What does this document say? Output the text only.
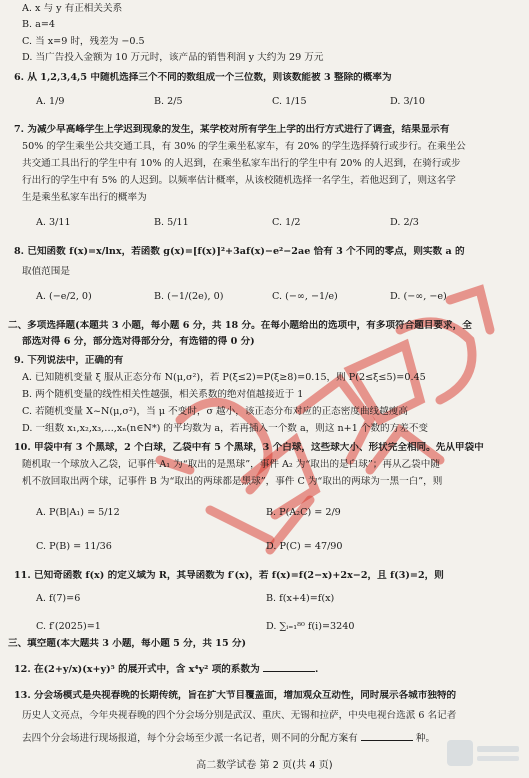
A. x 与 y 有正相关关系
B. a=4
C. 当 x=9 时，残差为 −0.5
D. 当广告投入金额为 10 万元时，该产品的销售利润 y 大约为 29 万元
6. 从 1,2,3,4,5 中随机选择三个不同的数组成一个三位数，则该数能被 3 整除的概率为
A. 1/9	B. 2/5	C. 1/15	D. 3/10
7. 为减少早高峰学生上学迟到现象的发生，某学校对所有学生上学的出行方式进行了调查，结果显示有
50% 的学生乘坐公共交通工具，有 30% 的学生乘坐私家车，有 20% 的学生选择骑行或步行。在乘坐公
共交通工具出行的学生中有 10% 的人迟到，在乘坐私家车出行的学生中有 20% 的人迟到，在骑行或步
行出行的学生中有 5% 的人迟到。以频率估计概率，从该校随机选择一名学生，若他迟到了，则这名学
生是乘坐私家车出行的概率为
A. 3/11	B. 5/11	C. 1/2	D. 2/3
8. 已知函数 f(x)=x/lnx，若函数 g(x)=[f(x)]²+3af(x)−e²−2ae 恰有 3 个不同的零点，则实数 a 的
取值范围是
A. (−e/2, 0)	B. (−1/(2e), 0)	C. (−∞, −1/e)	D. (−∞, −e)
二、多项选择题(本题共 3 小题，每小题 6 分，共 18 分。在每小题给出的选项中，有多项符合题目要求，全
部选对得 6 分，部分选对得部分分，有选错的得 0 分)
9. 下列说法中，正确的有
A. 已知随机变量 ξ 服从正态分布 N(μ,σ²)，若 P(ξ≤2)=P(ξ≥8)=0.15，则 P(2≤ξ≤5)=0.45
B. 两个随机变量的线性相关性越强，相关系数的绝对值越接近于 1
C. 若随机变量 X~N(μ,σ²)，当 μ 不变时，σ 越小，该正态分布对应的正态密度曲线越瘦高
D. 一组数 x₁,x₂,x₃,…,xₙ(n∈N*) 的平均数为 a，若再插入一个数 a，则这 n+1 个数的方差不变
10. 甲袋中有 3 个黑球，2 个白球，乙袋中有 5 个黑球，3 个白球，这些球大小、形状完全相同。先从甲袋中
随机取一个球放入乙袋，记事件 A₁ 为“取出的是黑球”，事件 A₂ 为“取出的是白球”；再从乙袋中随
机不放回取出两个球，记事件 B 为“取出的两球都是黑球”，事件 C 为“取出的两球为一黑一白”，则
A. P(B|A₁) = 5/12	B. P(A₂C) = 2/9
C. P(B) = 11/36	D. P(C) = 47/90
11. 已知奇函数 f(x) 的定义域为 R，其导函数为 f′(x)，若 f(x)=f(2−x)+2x−2，且 f(3)=2，则
A. f(7)=6	B. f(x+4)=f(x)
C. f′(2025)=1	D. ∑ᵢ₌₁⁸⁰ f(i)=3240
三、填空题(本大题共 3 小题，每小题 5 分，共 15 分)
12. 在(2+y/x)(x+y)⁵ 的展开式中，含 x⁴y² 项的系数为	.
13. 分会场模式是央视春晚的长期传统，旨在扩大节目覆盖面，增加观众互动性，同时展示各城市独特的
历史人文亮点，今年央视春晚的四个分会场分别是武汉、重庆、无锡和拉萨，中央电视台选派 6 名记者
去四个分会场进行现场报道，每个分会场至少派一名记者，则不同的分配方案有	种。
高二数学试卷 第 2 页(共 4 页)
